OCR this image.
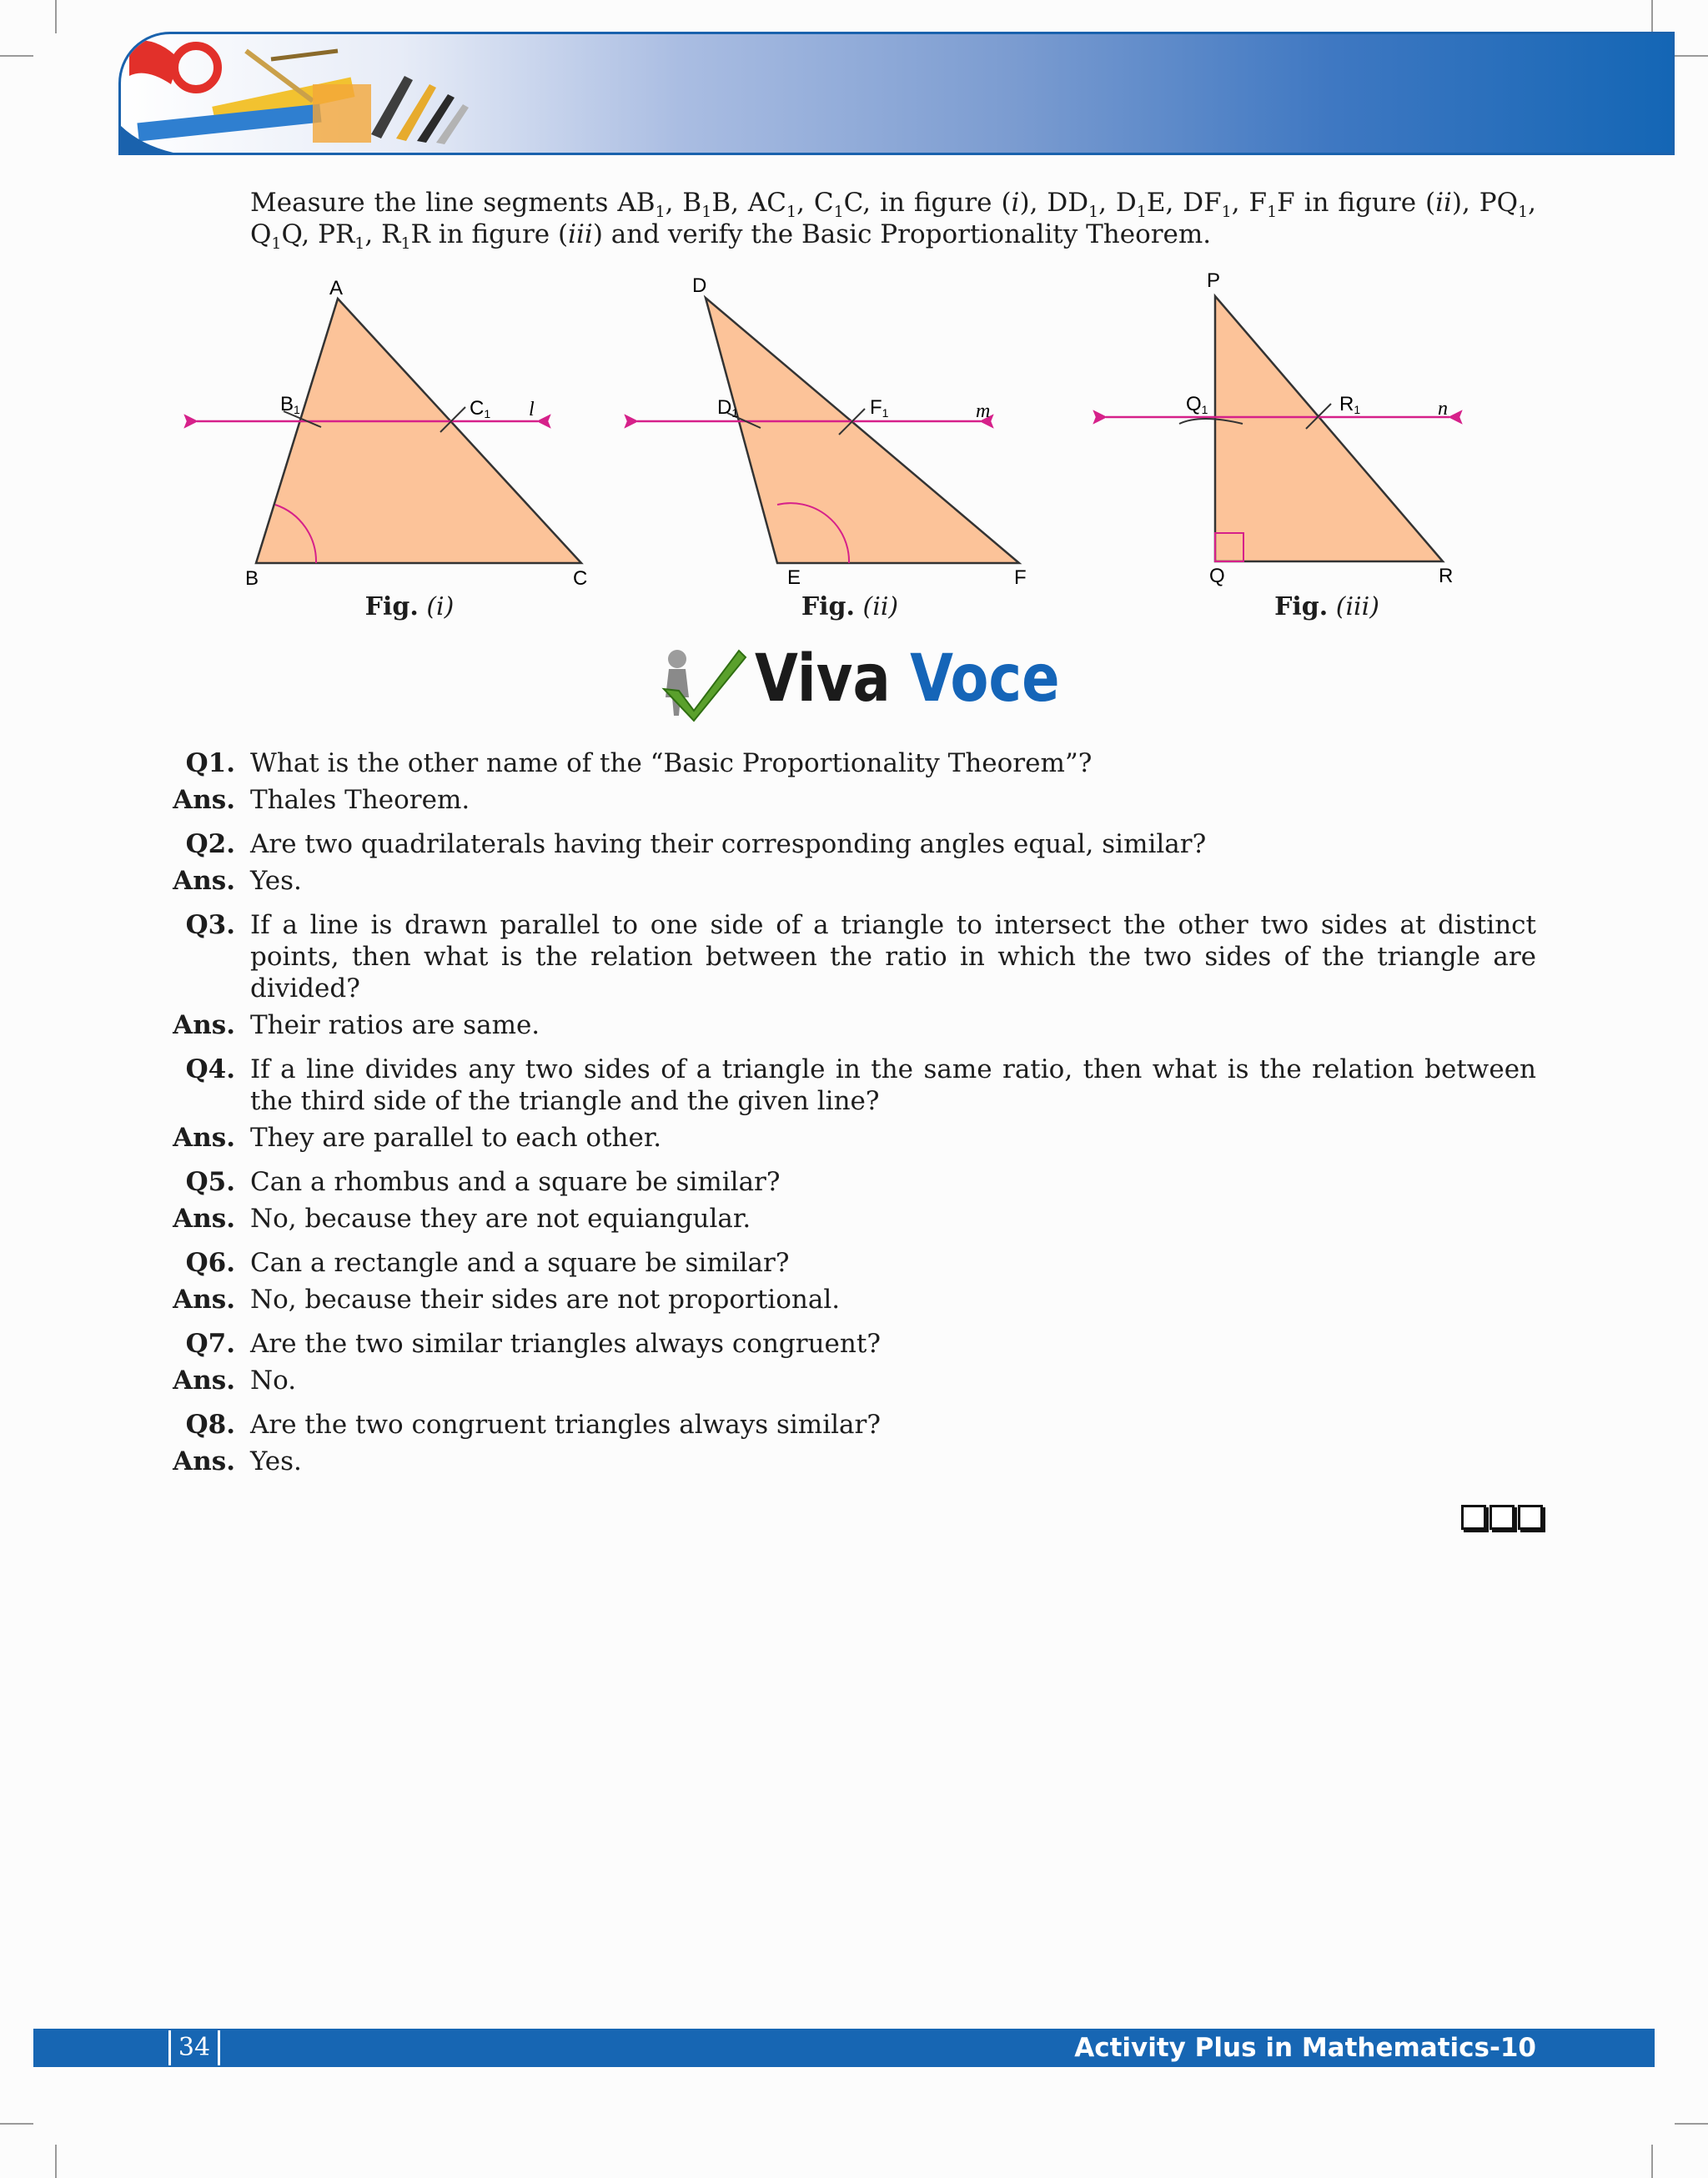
Measure the line segments $AB_1$, $B_1B$, $AC_1$, $C_1C$, in figure (i), $DD_1$, $D_1E$, $DF_1$, $F_1F$ in figure (ii), $PQ_1$, $Q_1Q$, $PR_1$, $R_1R$ in figure (iii) and verify the Basic Proportionality Theorem.
A
B1	C1 l
B	C
D
D1	F1	m
E	F
P
Q1	R1	n
Q	R
Fig. (i)	Fig. (ii)	Fig. (iii)
Viva Voce
Q1. What is the other name of the “Basic Proportionality Theorem”?
Ans. Thales Theorem.
Q2. Are two quadrilaterals having their corresponding angles equal, similar?
Ans. Yes.
Q3. If a line is drawn parallel to one side of a triangle to intersect the other two sides at distinct points, then what is the relation between the ratio in which the two sides of the triangle are divided?
Ans. Their ratios are same.
Q4. If a line divides any two sides of a triangle in the same ratio, then what is the relation between the third side of the triangle and the given line?
Ans. They are parallel to each other.
Q5. Can a rhombus and a square be similar?
Ans. No, because they are not equiangular.
Q6. Can a rectangle and a square be similar?
Ans. No, because their sides are not proportional.
Q7. Are the two similar triangles always congruent?
Ans. No.
Q8. Are the two congruent triangles always similar?
Ans. Yes.
34	Activity Plus in Mathematics-10
